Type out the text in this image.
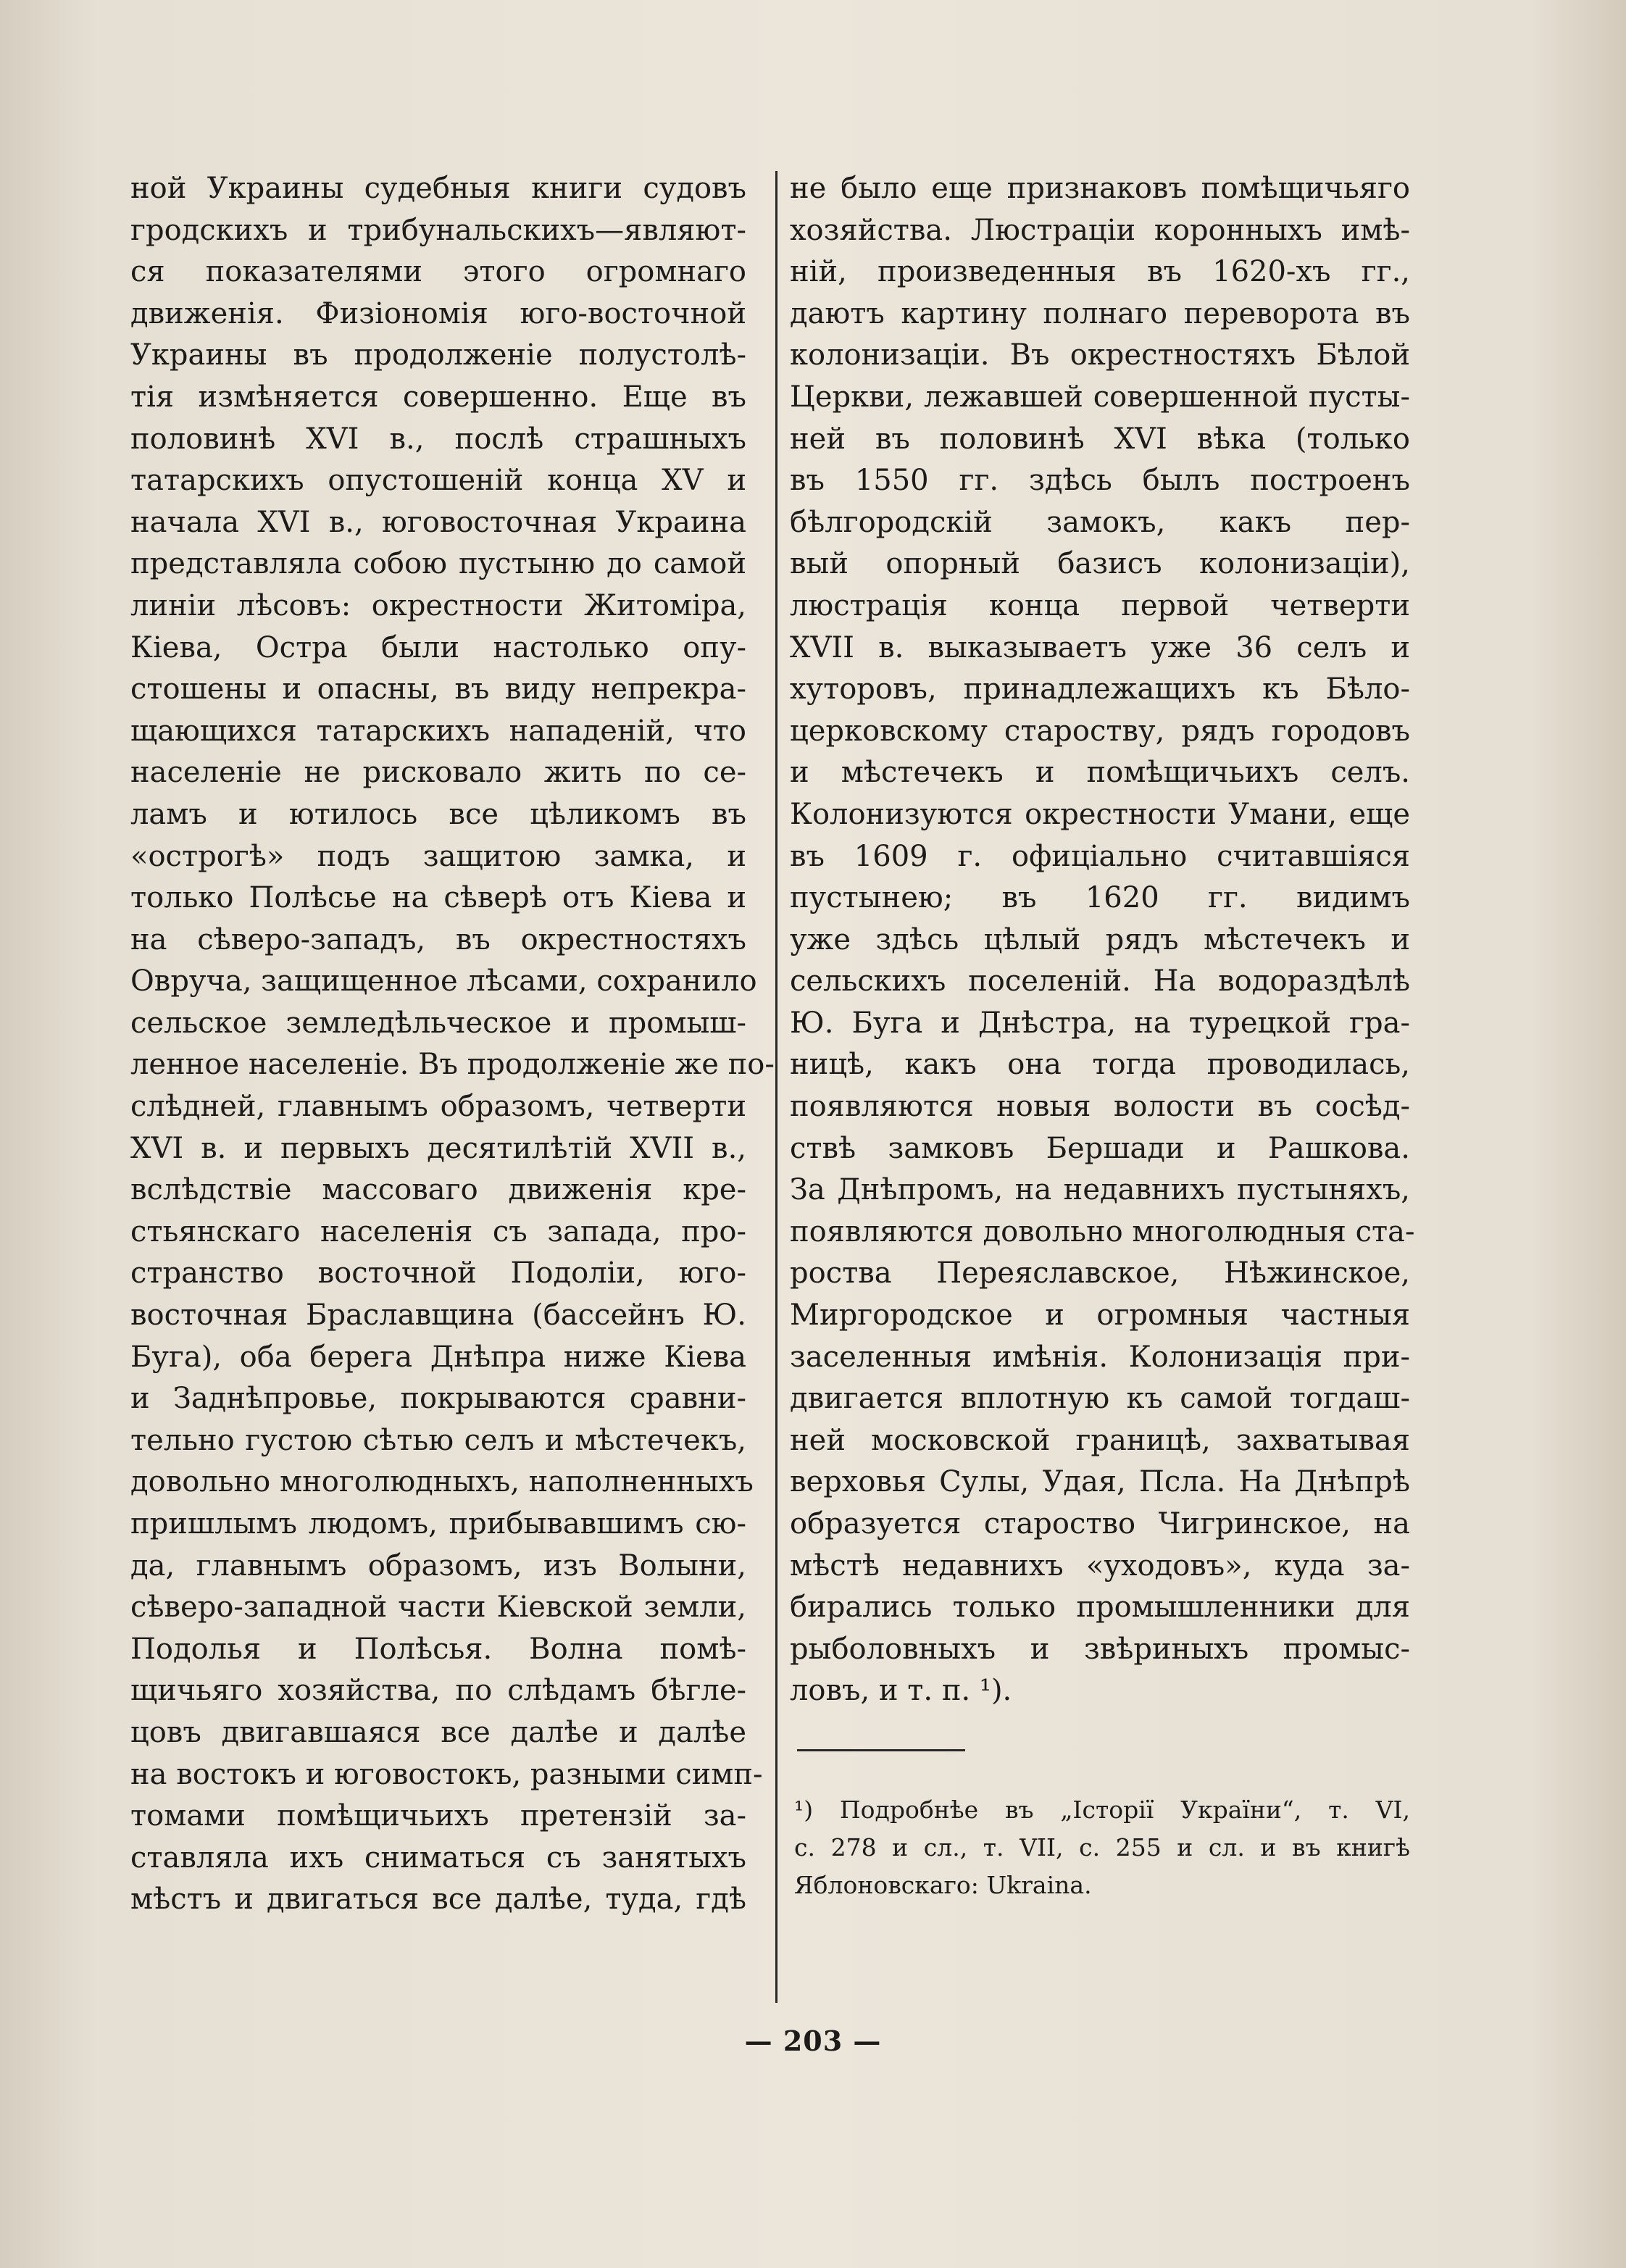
ной Украины судебныя книги судовъ
гродскихъ и трибунальскихъ—являют-
ся показателями этого огромнаго
движенія. Физіономія юго-восточной
Украины въ продолженіе полустолѣ-
тія измѣняется совершенно. Еще въ
половинѣ XVI в., послѣ страшныхъ
татарскихъ опустошеній конца XV и
начала XVI в., юговосточная Украина
представляла собою пустыню до самой
линіи лѣсовъ: окрестности Житоміра,
Кіева, Остра были настолько опу-
стошены и опасны, въ виду непрекра-
щающихся татарскихъ нападеній, что
населеніе не рисковало жить по се-
ламъ и ютилось все цѣликомъ въ
«острогѣ» подъ защитою замка, и
только Полѣсье на сѣверѣ отъ Кіева и
на сѣверо-западъ, въ окрестностяхъ
Овруча, защищенное лѣсами, сохранило
сельское земледѣльческое и промыш-
ленное населеніе. Въ продолженіе же по-
слѣдней, главнымъ образомъ, четверти
XVI в. и первыхъ десятилѣтій XVII в.,
вслѣдствіе массоваго движенія кре-
стьянскаго населенія съ запада, про-
странство восточной Подоліи, юго-
восточная Браславщина (бассейнъ Ю.
Буга), оба берега Днѣпра ниже Кіева
и Заднѣпровье, покрываются сравни-
тельно густою сѣтью селъ и мѣстечекъ,
довольно многолюдныхъ, наполненныхъ
пришлымъ людомъ, прибывавшимъ сю-
да, главнымъ образомъ, изъ Волыни,
сѣверо-западной части Кіевской земли,
Подолья и Полѣсья. Волна помѣ-
щичьяго хозяйства, по слѣдамъ бѣгле-
цовъ двигавшаяся все далѣе и далѣе
на востокъ и юговостокъ, разными симп-
томами помѣщичьихъ претензій за-
ставляла ихъ сниматься съ занятыхъ
мѣстъ и двигаться все далѣе, туда, гдѣ
не было еще признаковъ помѣщичьяго
хозяйства. Люстраціи коронныхъ имѣ-
ній, произведенныя въ 1620-хъ гг.,
даютъ картину полнаго переворота въ
колонизаціи. Въ окрестностяхъ Бѣлой
Церкви, лежавшей совершенной пусты-
ней въ половинѣ XVI вѣка (только
въ 1550 гг. здѣсь былъ построенъ
бѣлгородскій замокъ, какъ пер-
вый опорный базисъ колонизаціи),
люстрація конца первой четверти
XVII в. выказываетъ уже 36 селъ и
хуторовъ, принадлежащихъ къ Бѣло-
церковскому староству, рядъ городовъ
и мѣстечекъ и помѣщичьихъ селъ.
Колонизуются окрестности Умани, еще
въ 1609 г. офиціально считавшіяся
пустынею; въ 1620 гг. видимъ
уже здѣсь цѣлый рядъ мѣстечекъ и
сельскихъ поселеній. На водораздѣлѣ
Ю. Буга и Днѣстра, на турецкой гра-
ницѣ, какъ она тогда проводилась,
появляются новыя волости въ сосѣд-
ствѣ замковъ Бершади и Рашкова.
За Днѣпромъ, на недавнихъ пустыняхъ,
появляются довольно многолюдныя ста-
роства Переяславское, Нѣжинское,
Миргородское и огромныя частныя
заселенныя имѣнія. Колонизація при-
двигается вплотную къ самой тогдаш-
ней московской границѣ, захватывая
верховья Сулы, Удая, Псла. На Днѣпрѣ
образуется староство Чигринское, на
мѣстѣ недавнихъ «уходовъ», куда за-
бирались только промышленники для
рыболовныхъ и звѣриныхъ промыс-
ловъ, и т. п. ¹).
¹) Подробнѣе въ „Історії України“, т. VI,
с. 278 и сл., т. VII, с. 255 и сл. и въ книгѣ
Яблоновскаго: Ukraina.
— 203 —
